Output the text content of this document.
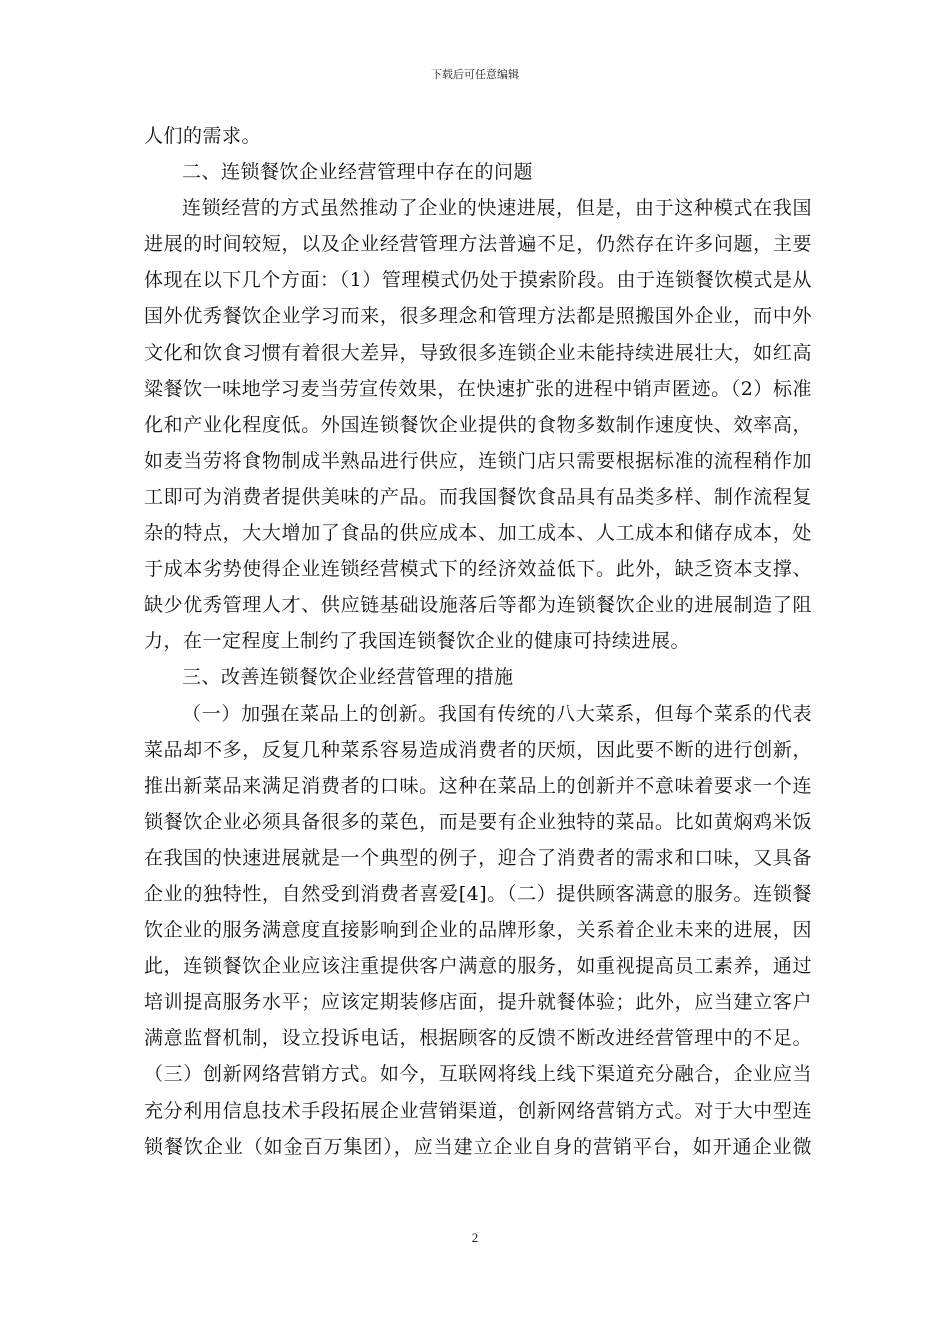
下载后可任意编辑
人们的需求。
二、连锁餐饮企业经营管理中存在的问题
连锁经营的方式虽然推动了企业的快速进展，但是，由于这种模式在我国
进展的时间较短，以及企业经营管理方法普遍不足，仍然存在许多问题，主要
体现在以下几个方面：（1）管理模式仍处于摸索阶段。由于连锁餐饮模式是从
国外优秀餐饮企业学习而来，很多理念和管理方法都是照搬国外企业，而中外
文化和饮食习惯有着很大差异，导致很多连锁企业未能持续进展壮大，如红高
粱餐饮一味地学习麦当劳宣传效果，在快速扩张的进程中销声匿迹。（2）标准
化和产业化程度低。外国连锁餐饮企业提供的食物多数制作速度快、效率高，
如麦当劳将食物制成半熟品进行供应，连锁门店只需要根据标准的流程稍作加
工即可为消费者提供美味的产品。而我国餐饮食品具有品类多样、制作流程复
杂的特点，大大增加了食品的供应成本、加工成本、人工成本和储存成本，处
于成本劣势使得企业连锁经营模式下的经济效益低下。此外，缺乏资本支撑、
缺少优秀管理人才、供应链基础设施落后等都为连锁餐饮企业的进展制造了阻
力，在一定程度上制约了我国连锁餐饮企业的健康可持续进展。
三、改善连锁餐饮企业经营管理的措施
（一）加强在菜品上的创新。我国有传统的八大菜系，但每个菜系的代表
菜品却不多，反复几种菜系容易造成消费者的厌烦，因此要不断的进行创新，
推出新菜品来满足消费者的口味。这种在菜品上的创新并不意味着要求一个连
锁餐饮企业必须具备很多的菜色，而是要有企业独特的菜品。比如黄焖鸡米饭
在我国的快速进展就是一个典型的例子，迎合了消费者的需求和口味，又具备
企业的独特性，自然受到消费者喜爱[4]。（二）提供顾客满意的服务。连锁餐
饮企业的服务满意度直接影响到企业的品牌形象，关系着企业未来的进展，因
此，连锁餐饮企业应该注重提供客户满意的服务，如重视提高员工素养，通过
培训提高服务水平；应该定期装修店面，提升就餐体验；此外，应当建立客户
满意监督机制，设立投诉电话，根据顾客的反馈不断改进经营管理中的不足。
（三）创新网络营销方式。如今，互联网将线上线下渠道充分融合，企业应当
充分利用信息技术手段拓展企业营销渠道，创新网络营销方式。对于大中型连
锁餐饮企业（如金百万集团），应当建立企业自身的营销平台，如开通企业微
2
